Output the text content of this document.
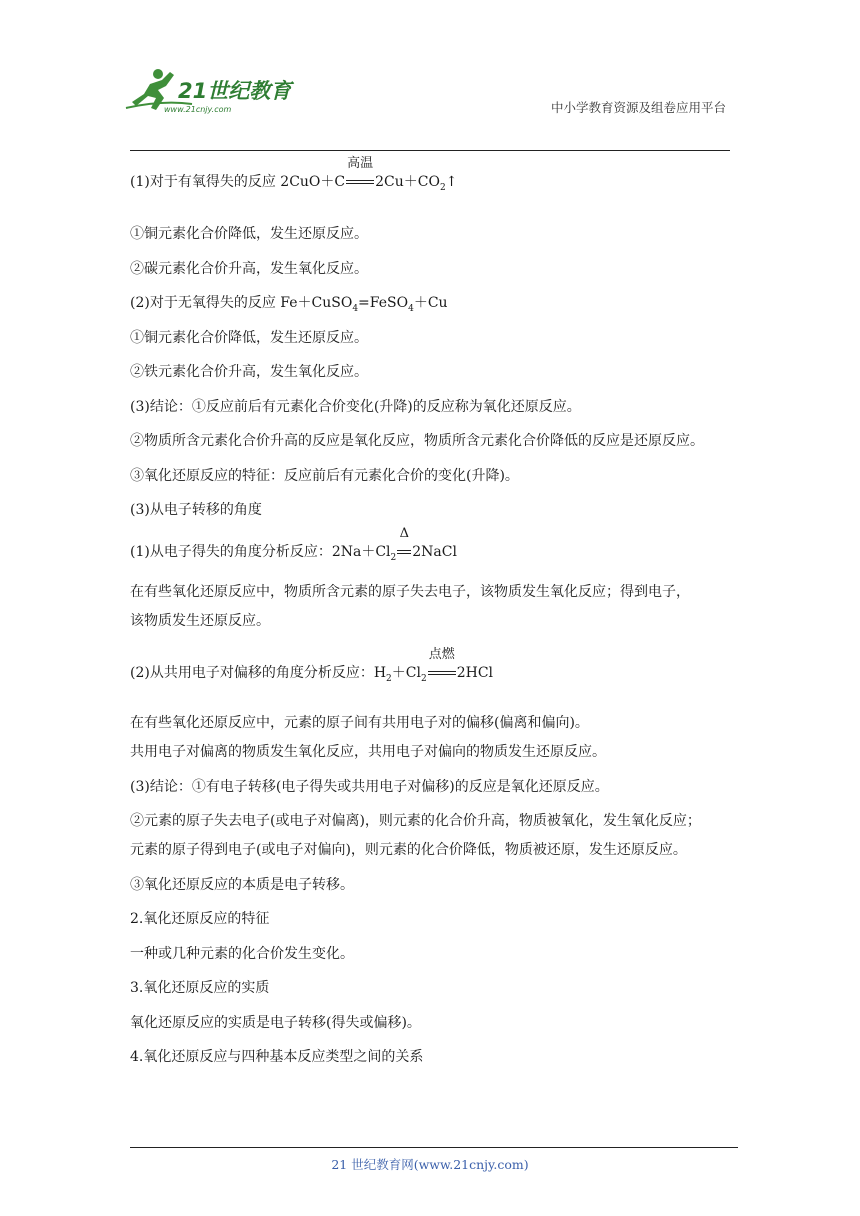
21世纪教育
www.21cnjy.com	中小学教育资源及组卷应用平台
(1)对于有氧得失的反应 2CuO＋C
高温
$2Cu+CO_2↑$
①铜元素化合价降低，发生还原反应。
②碳元素化合价升高，发生氧化反应。
(2)对于无氧得失的反应 Fe＋CuSO$_4$=FeSO$_4$＋Cu
①铜元素化合价降低，发生还原反应。
②铁元素化合价升高，发生氧化反应。
(3)结论：①反应前后有元素化合价变化(升降)的反应称为氧化还原反应。
②物质所含元素化合价升高的反应是氧化反应，物质所含元素化合价降低的反应是还原反应。
③氧化还原反应的特征：反应前后有元素化合价的变化(升降)。
(3)从电子转移的角度
(1)从电子得失的角度分析反应：$2Na+Cl_2$
Δ
2NaCl
在有些氧化还原反应中，物质所含元素的原子失去电子，该物质发生氧化反应；得到电子，
该物质发生还原反应。
(2)从共用电子对偏移的角度分析反应：$H_2+Cl_2$
点燃
2HCl
在有些氧化还原反应中，元素的原子间有共用电子对的偏移(偏离和偏向)。
共用电子对偏离的物质发生氧化反应，共用电子对偏向的物质发生还原反应。
(3)结论：①有电子转移(电子得失或共用电子对偏移)的反应是氧化还原反应。
②元素的原子失去电子(或电子对偏离)，则元素的化合价升高，物质被氧化，发生氧化反应；
元素的原子得到电子(或电子对偏向)，则元素的化合价降低，物质被还原，发生还原反应。
③氧化还原反应的本质是电子转移。
2.氧化还原反应的特征
一种或几种元素的化合价发生变化。
3.氧化还原反应的实质
氧化还原反应的实质是电子转移(得失或偏移)。
4.氧化还原反应与四种基本反应类型之间的关系
21 世纪教育网(www.21cnjy.com)
